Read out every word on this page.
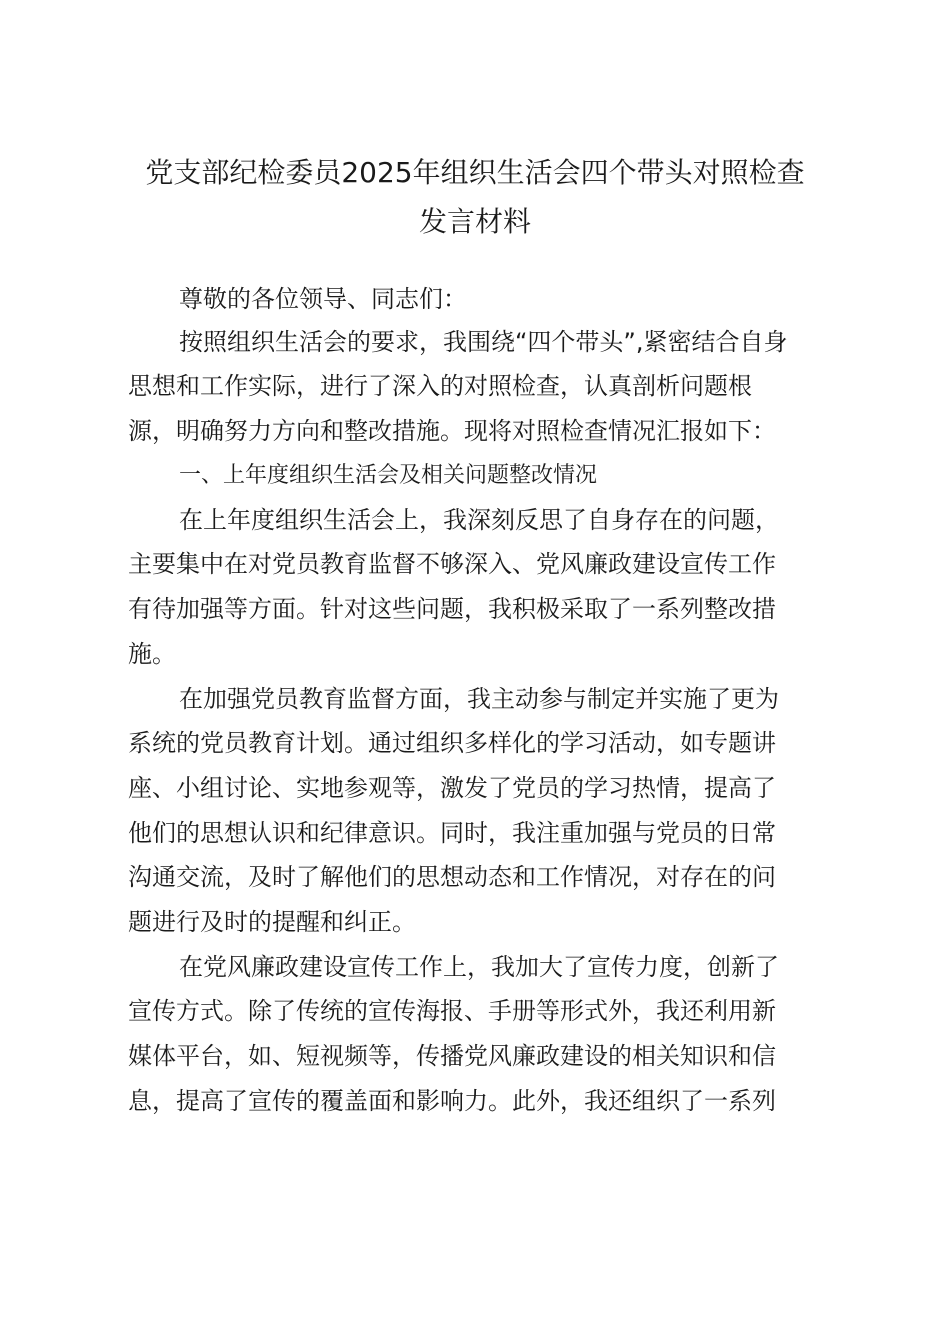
党支部纪检委员2025年组织生活会四个带头对照检查
发言材料
尊敬的各位领导、同志们：
按照组织生活会的要求，我围绕“四个带头”,紧密结合自身
思想和工作实际，进行了深入的对照检查，认真剖析问题根
源，明确努力方向和整改措施。现将对照检查情况汇报如下：
一、上年度组织生活会及相关问题整改情况
在上年度组织生活会上，我深刻反思了自身存在的问题，
主要集中在对党员教育监督不够深入、党风廉政建设宣传工作
有待加强等方面。针对这些问题，我积极采取了一系列整改措
施。
在加强党员教育监督方面，我主动参与制定并实施了更为
系统的党员教育计划。通过组织多样化的学习活动，如专题讲
座、小组讨论、实地参观等，激发了党员的学习热情，提高了
他们的思想认识和纪律意识。同时，我注重加强与党员的日常
沟通交流，及时了解他们的思想动态和工作情况，对存在的问
题进行及时的提醒和纠正。
在党风廉政建设宣传工作上，我加大了宣传力度，创新了
宣传方式。除了传统的宣传海报、手册等形式外，我还利用新
媒体平台，如、短视频等，传播党风廉政建设的相关知识和信
息，提高了宣传的覆盖面和影响力。此外，我还组织了一系列
